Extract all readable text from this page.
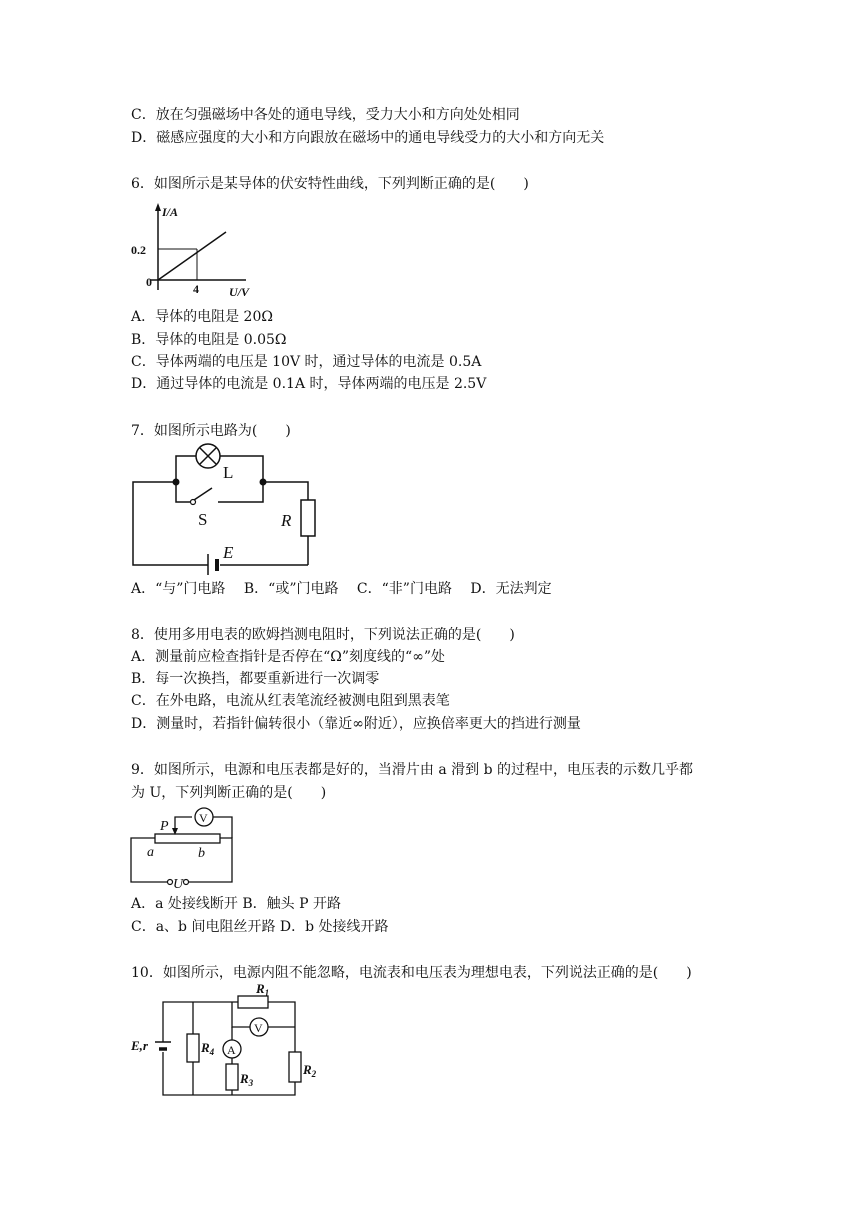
C．放在匀强磁场中各处的通电导线，受力大小和方向处处相同
D．磁感应强度的大小和方向跟放在磁场中的通电导线受力的大小和方向无关
6．如图所示是某导体的伏安特性曲线，下列判断正确的是(　　)
I/A
0.2
0	4	U/V
A．导体的电阻是 20Ω
B．导体的电阻是 0.05Ω
C．导体两端的电压是 10V 时，通过导体的电流是 0.5A
D．通过导体的电流是 0.1A 时，导体两端的电压是 2.5V
7．如图所示电路为(　　)
L
S	R
E
A．“与”门电路　 B．“或”门电路　 C．“非”门电路　 D．无法判定
8．使用多用电表的欧姆挡测电阻时，下列说法正确的是(　　)
A．测量前应检查指针是否停在“Ω”刻度线的“∞”处
B．每一次换挡，都要重新进行一次调零
C．在外电路，电流从红表笔流经被测电阻到黑表笔
D．测量时，若指针偏转很小（靠近∞附近），应换倍率更大的挡进行测量
9．如图所示，电源和电压表都是好的，当滑片由 a 滑到 b 的过程中，电压表的示数几乎都
为 U，下列判断正确的是(　　)
P
V
a	b
U
A．a 处接线断开 B．触头 P 开路
C．a、b 间电阻丝开路 D．b 处接线开路
10．如图所示，电源内阻不能忽略，电流表和电压表为理想电表，下列说法正确的是(　　)
E,r	$R_4$
$R_1$
V
A
$R_3$
$R_2$
